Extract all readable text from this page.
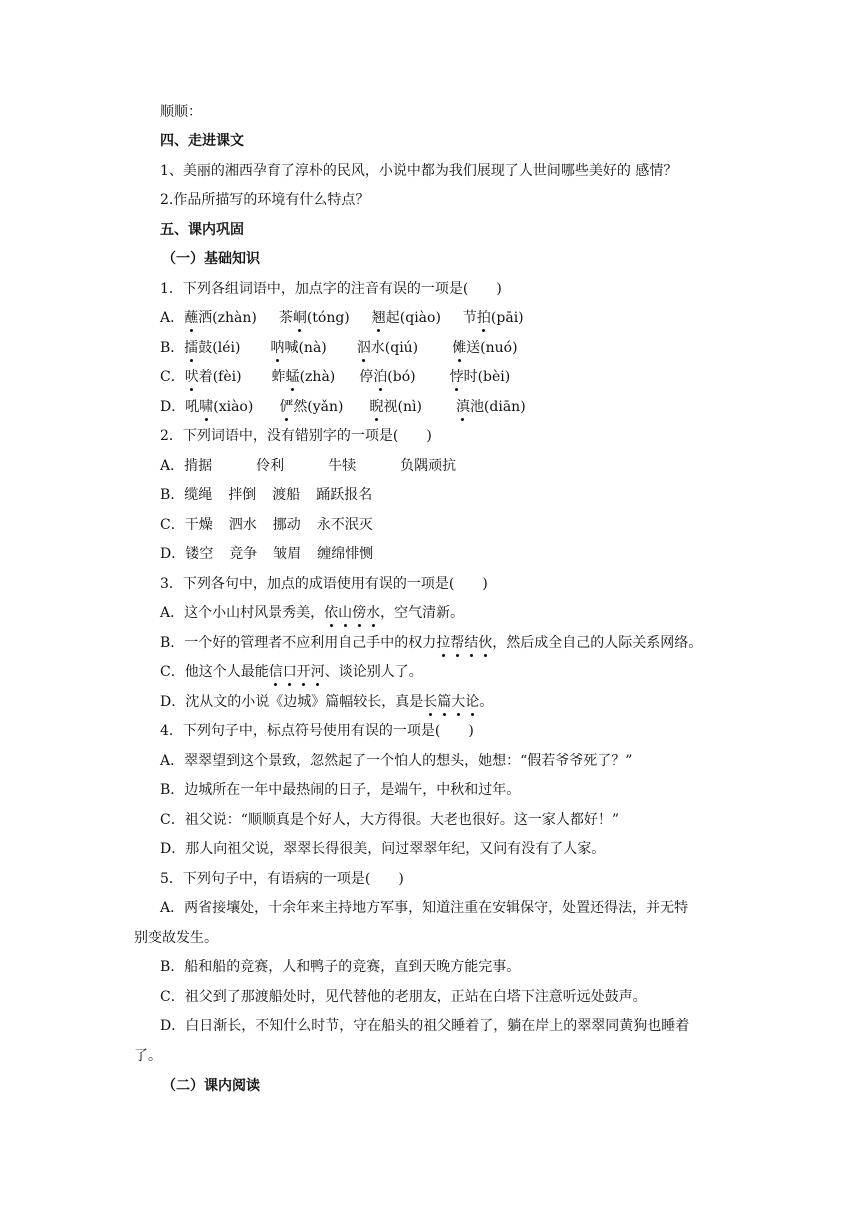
顺顺：
四、走进课文
1、美丽的湘西孕育了淳朴的民风，小说中都为我们展现了人世间哪些美好的 感情？
2.作品所描写的环境有什么特点？
五、课内巩固
（一）基础知识
1．下列各组词语中，加点字的注音有误的一项是(　　)
A．蘸洒(zhàn) 茶峒(tóng) 翘起(qiào) 节拍(pāi)
B．擂鼓(léi) 呐喊(nà) 泅水(qiú) 傩送(nuó)
C．吠着(fèi) 蚱蜢(zhà) 停泊(bó) 悖时(bèi)
D．吼啸(xiào) 俨然(yǎn) 睨视(nì) 滇池(diān)
2．下列词语中，没有错别字的一项是(　　)
A．掯据	伶利	牛犊	负隅顽抗
B．缆绳 拌倒 渡船 踊跃报名
C．干燥 泗水 挪动 永不泯灭
D．镂空 竞争 皱眉 缠绵悱恻
3．下列各句中，加点的成语使用有误的一项是(　　)
A．这个小山村风景秀美，依山傍水，空气清新。
B．一个好的管理者不应利用自己手中的权力拉帮结伙，然后成全自己的人际关系网络。
C．他这个人最能信口开河、谈论别人了。
D．沈从文的小说《边城》篇幅较长，真是长篇大论。
4．下列句子中，标点符号使用有误的一项是(　　)
A．翠翠望到这个景致，忽然起了一个怕人的想头，她想：“假若爷爷死了？”
B．边城所在一年中最热闹的日子，是端午，中秋和过年。
C．祖父说：“顺顺真是个好人，大方得很。大老也很好。这一家人都好！”
D．那人向祖父说，翠翠长得很美，问过翠翠年纪，又问有没有了人家。
5．下列句子中，有语病的一项是(　　)
A．两省接壤处，十余年来主持地方军事，知道注重在安辑保守，处置还得法，并无特
别变故发生。
B．船和船的竞赛，人和鸭子的竞赛，直到天晚方能完事。
C．祖父到了那渡船处时，见代替他的老朋友，正站在白塔下注意听远处鼓声。
D．白日渐长，不知什么时节，守在船头的祖父睡着了，躺在岸上的翠翠同黄狗也睡着
了。
（二）课内阅读
